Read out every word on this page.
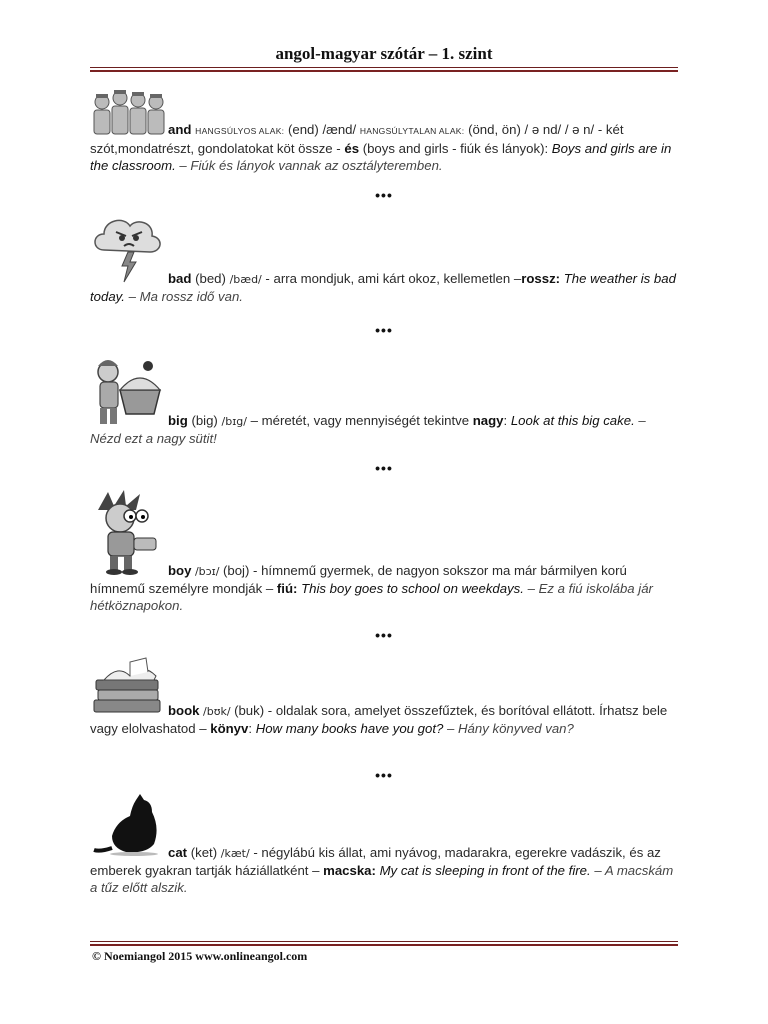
angol-magyar szótár – 1. szint
and HANGSÚLYOS ALAK: (end) /ænd/ HANGSÚLYTALAN ALAK: (önd, ön) / ə nd/ / ə n/ - két szót,mondatrészt, gondolatokat köt össze - és (boys and girls - fiúk és lányok): Boys and girls are in the classroom. – Fiúk és lányok vannak az osztályteremben.
•••
bad (bed) /bæd/ - arra mondjuk, ami kárt okoz, kellemetlen –rossz: The weather is bad today. – Ma rossz idő van.
•••
big (big) /bɪg/ – méretét, vagy mennyiségét tekintve nagy: Look at this big cake. – Nézd ezt a nagy sütit!
•••
boy /bɔɪ/ (boj) - hímnemű gyermek, de nagyon sokszor ma már bármilyen korú hímnemű személyre mondják – fiú: This boy goes to school on weekdays. – Ez a fiú iskolába jár hétköznapokon.
•••
book /bʊk/ (buk) - oldalak sora, amelyet összefűztek, és borítóval ellátott. Írhatsz bele vagy elolvashatod – könyv: How many books have you got? – Hány könyved van?
•••
cat (ket) /kæt/ - négylábú kis állat, ami nyávog, madarakra, egerekre vadászik, és az emberek gyakran tartják háziállatként – macska: My cat is sleeping in front of the fire. – A macskám a tűz előtt alszik.
© Noemiangol 2015 www.onlineangol.com
